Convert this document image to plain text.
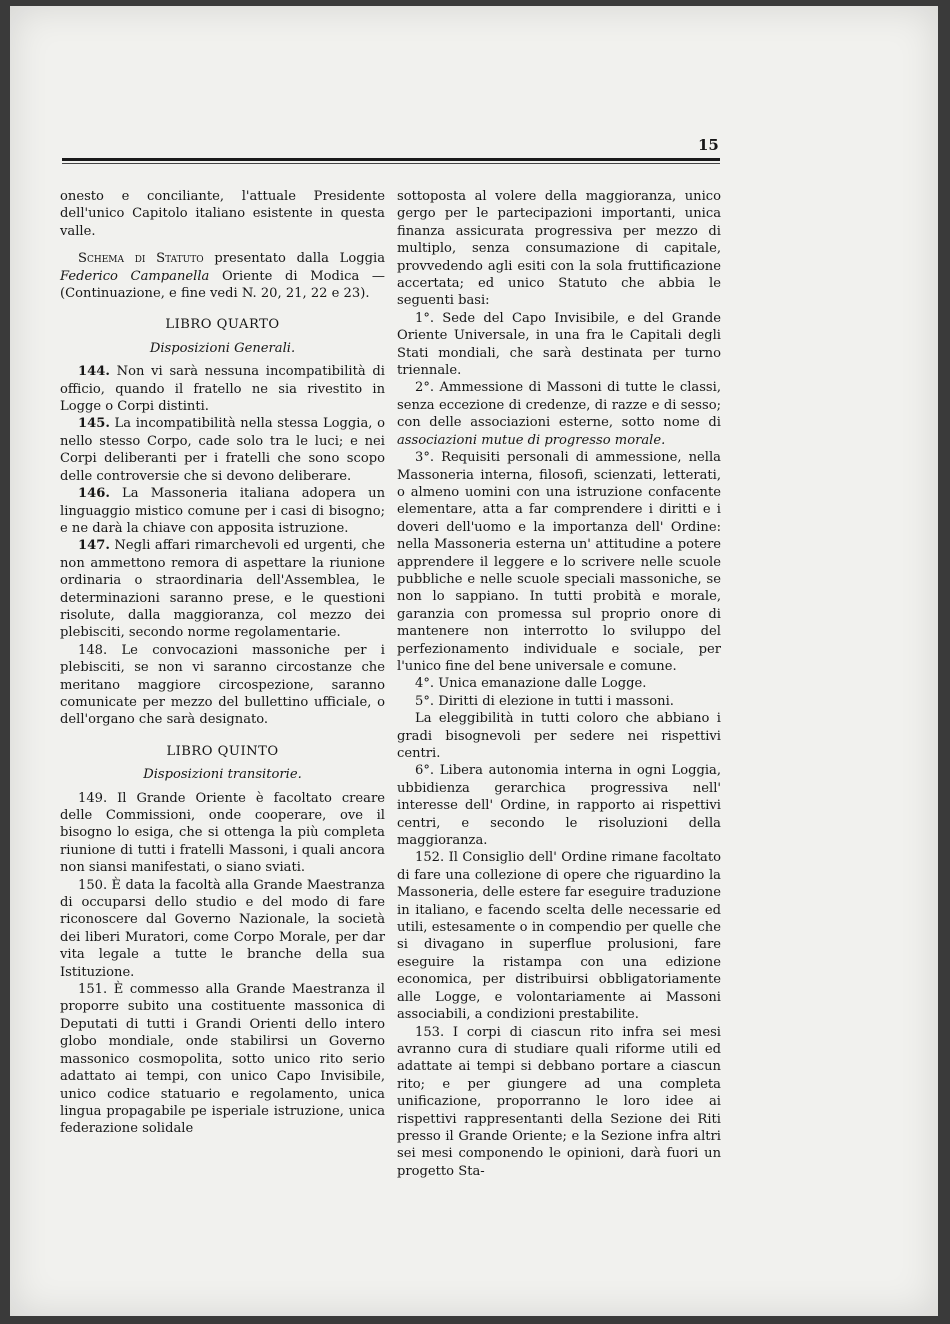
15

onesto e conciliante, l'attuale Presidente dell'unico Capitolo italiano esistente in questa valle.

Schema di Statuto presentato dalla Loggia Federico Campanella Oriente di Modica — (Continuazione, e fine vedi N. 20, 21, 22 e 23).

LIBRO QUARTO

Disposizioni Generali.

144. Non vi sarà nessuna incompatibilità di officio, quando il fratello ne sia rivestito in Logge o Corpi distinti.

145. La incompatibilità nella stessa Loggia, o nello stesso Corpo, cade solo tra le luci; e nei Corpi deliberanti per i fratelli che sono scopo delle controversie che si devono deliberare.

146. La Massoneria italiana adopera un linguaggio mistico comune per i casi di bisogno; e ne darà la chiave con apposita istruzione.

147. Negli affari rimarchevoli ed urgenti, che non ammettono remora di aspettare la riunione ordinaria o straordinaria dell'Assemblea, le determinazioni saranno prese, e le questioni risolute, dalla maggioranza, col mezzo dei plebisciti, secondo norme regolamentarie.

148. Le convocazioni massoniche per i plebisciti, se non vi saranno circostanze che meritano maggiore circospezione, saranno comunicate per mezzo del bullettino ufficiale, o dell'organo che sarà designato.

LIBRO QUINTO

Disposizioni transitorie.

149. Il Grande Oriente è facoltato creare delle Commissioni, onde cooperare, ove il bisogno lo esiga, che si ottenga la più completa riunione di tutti i fratelli Massoni, i quali ancora non siansi manifestati, o siano sviati.

150. È data la facoltà alla Grande Maestranza di occuparsi dello studio e del modo di fare riconoscere dal Governo Nazionale, la società dei liberi Muratori, come Corpo Morale, per dar vita legale a tutte le branche della sua Istituzione.

151. È commesso alla Grande Maestranza il proporre subito una costituente massonica di Deputati di tutti i Grandi Orienti dello intero globo mondiale, onde stabilirsi un Governo massonico cosmopolita, sotto unico rito serio adattato ai tempi, con unico Capo Invisibile, unico codice statuario e regolamento, unica lingua propagabile pe isperiale istruzione, unica federazione solidale

sottoposta al volere della maggioranza, unico gergo per le partecipazioni importanti, unica finanza assicurata progressiva per mezzo di multiplo, senza consumazione di capitale, provvedendo agli esiti con la sola fruttificazione accertata; ed unico Statuto che abbia le seguenti basi:

1°. Sede del Capo Invisibile, e del Grande Oriente Universale, in una fra le Capitali degli Stati mondiali, che sarà destinata per turno triennale.

2°. Ammessione di Massoni di tutte le classi, senza eccezione di credenze, di razze e di sesso; con delle associazioni esterne, sotto nome di associazioni mutue di progresso morale.

3°. Requisiti personali di ammessione, nella Massoneria interna, filosofi, scienzati, letterati, o almeno uomini con una istruzione confacente elementare, atta a far comprendere i diritti e i doveri dell'uomo e la importanza dell' Ordine: nella Massoneria esterna un' attitudine a potere apprendere il leggere e lo scrivere nelle scuole pubbliche e nelle scuole speciali massoniche, se non lo sappiano. In tutti probità e morale, garanzia con promessa sul proprio onore di mantenere non interrotto lo sviluppo del perfezionamento individuale e sociale, per l'unico fine del bene universale e comune.

4°. Unica emanazione dalle Logge.

5°. Diritti di elezione in tutti i massoni.

La eleggibilità in tutti coloro che abbiano i gradi bisognevoli per sedere nei rispettivi centri.

6°. Libera autonomia interna in ogni Loggia, ubbidienza gerarchica progressiva nell' interesse dell' Ordine, in rapporto ai rispettivi centri, e secondo le risoluzioni della maggioranza.

152. Il Consiglio dell' Ordine rimane facoltato di fare una collezione di opere che riguardino la Massoneria, delle estere far eseguire traduzione in italiano, e facendo scelta delle necessarie ed utili, estesamente o in compendio per quelle che si divagano in superflue prolusioni, fare eseguire la ristampa con una edizione economica, per distribuirsi obbligatoriamente alle Logge, e volontariamente ai Massoni associabili, a condizioni prestabilite.

153. I corpi di ciascun rito infra sei mesi avranno cura di studiare quali riforme utili ed adattate ai tempi si debbano portare a ciascun rito; e per giungere ad una completa unificazione, proporranno le loro idee ai rispettivi rappresentanti della Sezione dei Riti presso il Grande Oriente; e la Sezione infra altri sei mesi componendo le opinioni, darà fuori un progetto Sta-
